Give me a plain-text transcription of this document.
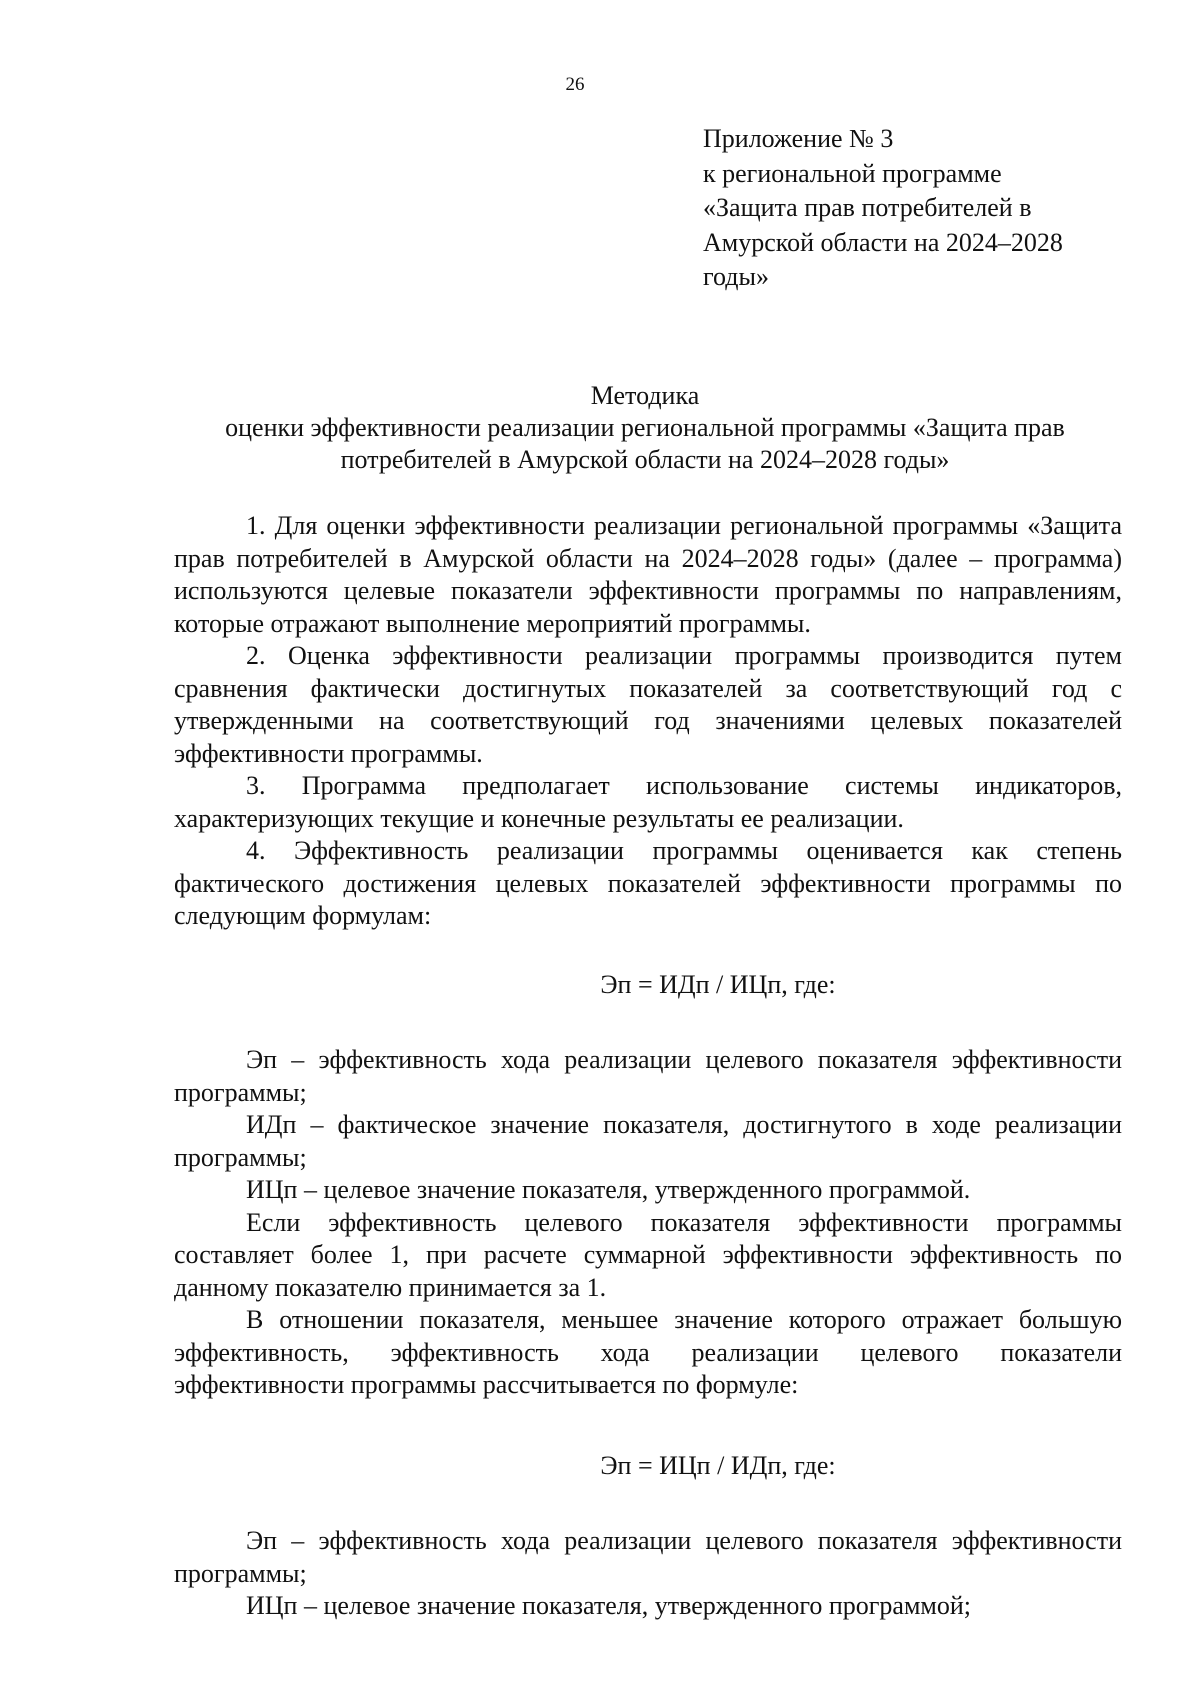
26
Приложение № 3
к региональной программе
«Защита прав потребителей в
Амурской области на 2024–2028
годы»
Методика
оценки эффективности реализации региональной программы «Защита прав
потребителей в Амурской области на 2024–2028 годы»

1. Для оценки эффективности реализации региональной программы «Защита прав потребителей в Амурской области на 2024–2028 годы» (далее – программа) используются целевые показатели эффективности программы по направлениям, которые отражают выполнение мероприятий программы.

2. Оценка эффективности реализации программы производится путем сравнения фактически достигнутых показателей за соответствующий год с утвержденными на соответствующий год значениями целевых показателей эффективности программы.

3. Программа предполагает использование системы индикаторов, характеризующих текущие и конечные результаты ее реализации.

4. Эффективность реализации программы оценивается как степень фактического достижения целевых показателей эффективности программы по следующим формулам:

Эп = ИДп / ИЦп, где:

Эп – эффективность хода реализации целевого показателя эффективности программы;

ИДп – фактическое значение показателя, достигнутого в ходе реализации программы;

ИЦп – целевое значение показателя, утвержденного программой.

Если эффективность целевого показателя эффективности программы составляет более 1, при расчете суммарной эффективности эффективность по данному показателю принимается за 1.

В отношении показателя, меньшее значение которого отражает большую эффективность, эффективность хода реализации целевого показатели эффективности программы рассчитывается по формуле:

Эп = ИЦп / ИДп, где:

Эп – эффективность хода реализации целевого показателя эффективности программы;

ИЦп – целевое значение показателя, утвержденного программой;
